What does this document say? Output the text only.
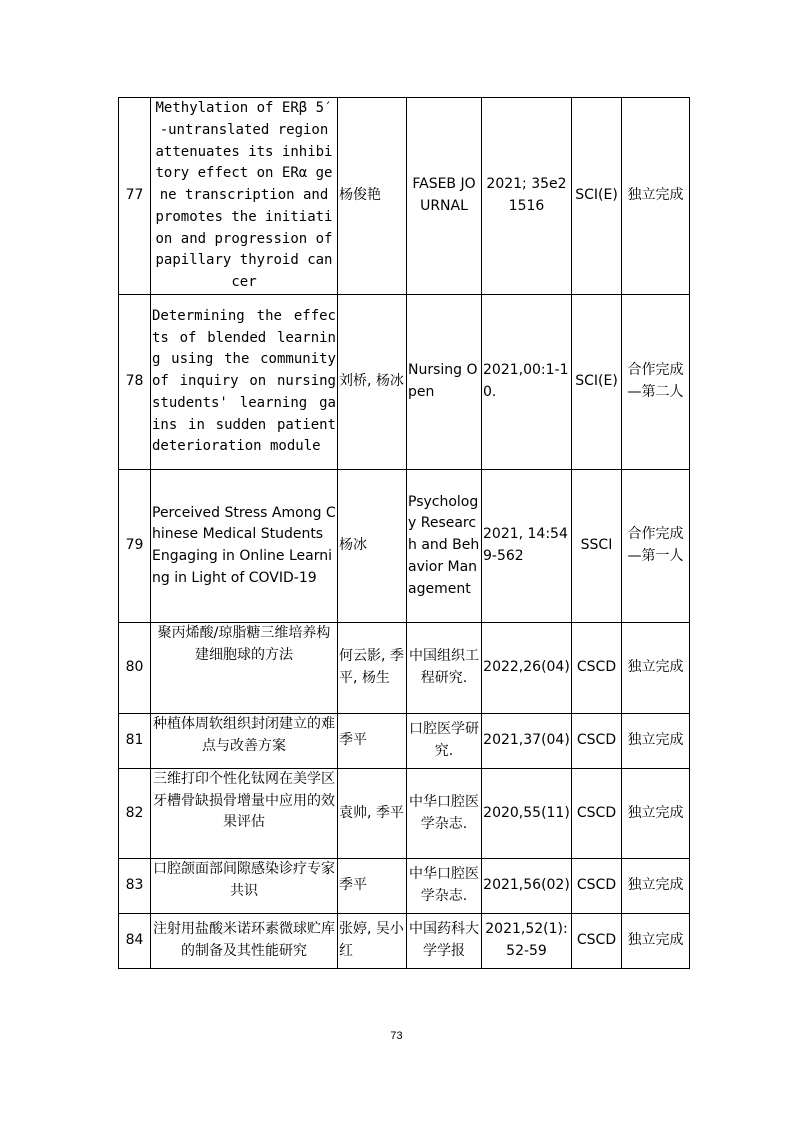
77	Methylation of ERβ 5′-untranslated region attenuates its inhibitory effect on ERα gene transcription and promotes the initiation and progression of papillary thyroid cancer	杨俊艳	FASEB JOURNAL	2021; 35e21516	SCI(E)	独立完成
78	Determining the effects of blended learning using the community of inquiry on nursing students' learning gains in sudden patient deterioration module	刘桥, 杨冰	Nursing Open	2021,00:1-10.	SCI(E)	合作完成—第二人
79	Perceived Stress Among Chinese Medical Students Engaging in Online Learning in Light of COVID-19	杨冰	Psychology Research and Behavior Management	2021, 14:549-562	SSCI	合作完成—第一人
80	聚丙烯酸/琼脂糖三维培养构建细胞球的方法	何云影, 季平, 杨生	中国组织工程研究.	2022,26(04)	CSCD	独立完成
81	种植体周软组织封闭建立的难点与改善方案	季平	口腔医学研究.	2021,37(04)	CSCD	独立完成
82	三维打印个性化钛网在美学区牙槽骨缺损骨增量中应用的效果评估	袁帅, 季平	中华口腔医学杂志.	2020,55(11)	CSCD	独立完成
83	口腔颌面部间隙感染诊疗专家共识	季平	中华口腔医学杂志.	2021,56(02)	CSCD	独立完成
84	注射用盐酸米诺环素微球贮库的制备及其性能研究	张婷, 吴小红	中国药科大学学报	2021,52(1):52-59	CSCD	独立完成
73
